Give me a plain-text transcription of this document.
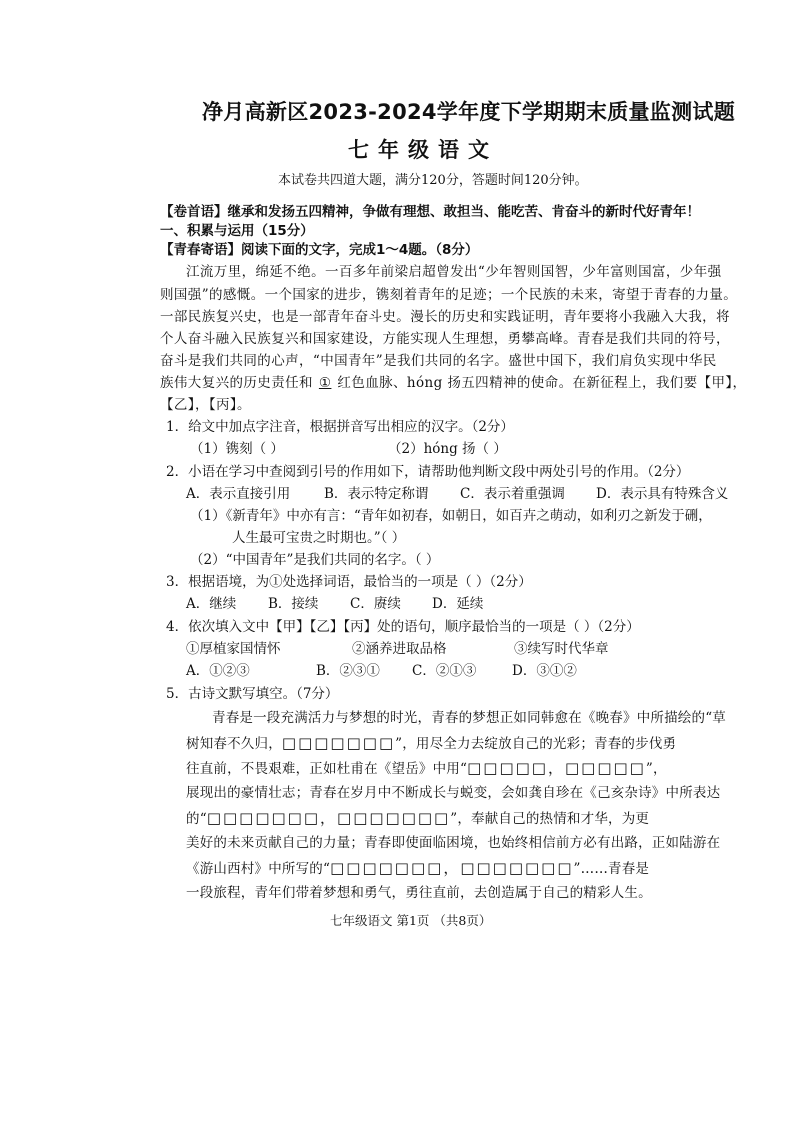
净月高新区2023-2024学年度下学期期末质量监测试题
七年级语文
本试卷共四道大题，满分120分，答题时间120分钟。
【卷首语】继承和发扬五四精神，争做有理想、敢担当、能吃苦、肯奋斗的新时代好青年！
一、积累与运用（15分）
【青春寄语】阅读下面的文字，完成1～4题。（8分）
江流万里，绵延不绝。一百多年前梁启超曾发出“少年智则国智，少年富则国富，少年强
则国强”的感慨。一个国家的进步，镌刻着青年的足迹；一个民族的未来，寄望于青春的力量。
一部民族复兴史，也是一部青年奋斗史。漫长的历史和实践证明，青年要将小我融入大我，将
个人奋斗融入民族复兴和国家建设，方能实现人生理想，勇攀高峰。青春是我们共同的符号，
奋斗是我们共同的心声，“中国青年”是我们共同的名字。盛世中国下，我们肩负实现中华民
族伟大复兴的历史责任和 ① 红色血脉、hóng 扬五四精神的使命。在新征程上，我们要【甲】，
【乙】，【丙】。
1．给文中加点字注音，根据拼音写出相应的汉字。（2分）
（1）镌刻（ ）	（2）hóng 扬（ ）
2．小语在学习中查阅到引号的作用如下，请帮助他判断文段中两处引号的作用。（2分）
A．表示直接引用	B．表示特定称谓 C．表示着重强调 D．表示具有特殊含义
（1）《新青年》中亦有言：“青年如初春，如朝日，如百卉之萌动，如利刃之新发于硎，
人生最可宝贵之时期也。”（ ）
（2）“中国青年”是我们共同的名字。（ ）
3．根据语境，为①处选择词语，最恰当的一项是（ ）（2分）
A．继续 B．接续 C．赓续 D．延续
4．依次填入文中【甲】【乙】【丙】处的语句，顺序最恰当的一项是（ ）（2分）
①厚植家国情怀	②涵养进取品格	③续写时代华章
A．①②③	B．②③① C．②①③	D．③①②
5．古诗文默写填空。（7分）
青春是一段充满活力与梦想的时光，青春的梦想正如同韩愈在《晚春》中所描绘的“草
树知春不久归，□□□□□□□”，用尽全力去绽放自己的光彩；青春的步伐勇
往直前，不畏艰难，正如杜甫在《望岳》中用“□□□□□，□□□□□”，
展现出的豪情壮志；青春在岁月中不断成长与蜕变，会如龚自珍在《己亥杂诗》中所表达
的“□□□□□□□，□□□□□□□”，奉献自己的热情和才华，为更
美好的未来贡献自己的力量；青春即使面临困境，也始终相信前方必有出路，正如陆游在
《游山西村》中所写的“□□□□□□□，□□□□□□□”……青春是
一段旅程，青年们带着梦想和勇气，勇往直前，去创造属于自己的精彩人生。
七年级语文 第1页 （共8页）
